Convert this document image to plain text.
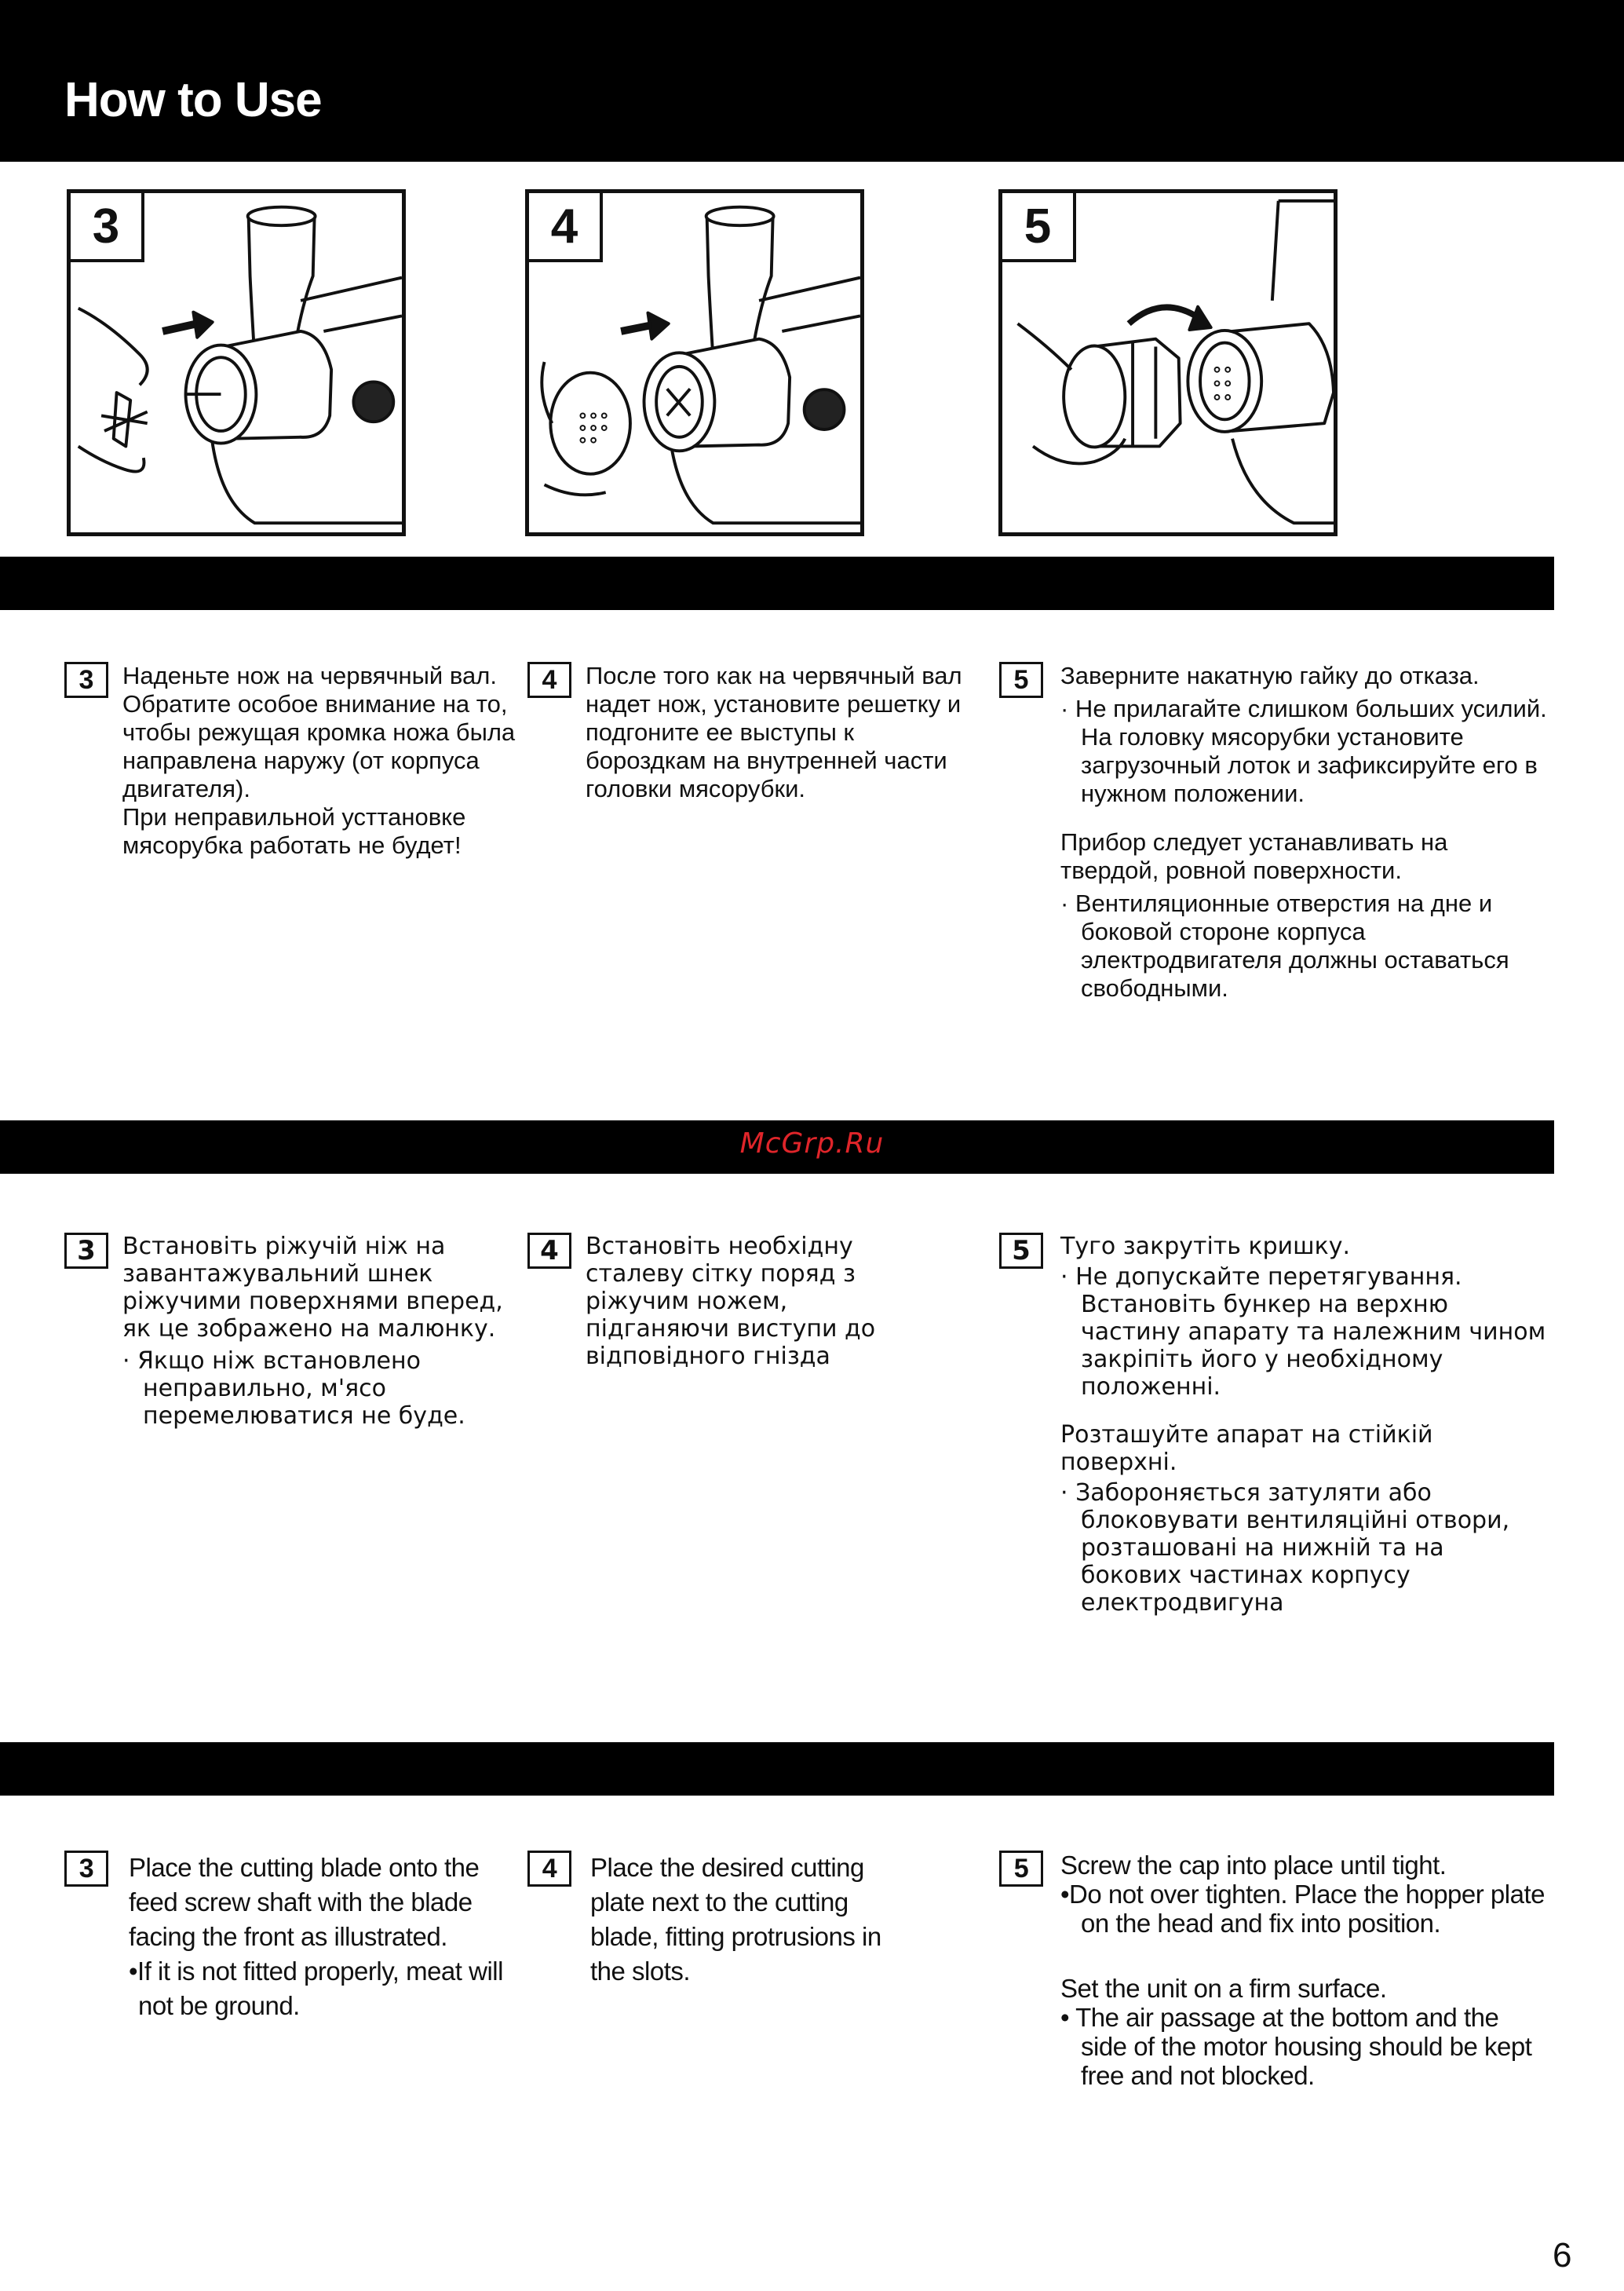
How to Use
3	4	5
McGrp.Ru
3	Наденьте нож на червячный вал. Обратите особое внимание на то, чтобы режущая кромка ножа была направлена наружу (от корпуса двигателя).

При неправильной усттановке мясорубка работать не будет!

4	После того как на червячный вал надет нож, установите решетку и подгоните ее выступы к бороздкам на внутренней части головки мясорубки.

5	Заверните накатную гайку до отказа.

· Не прилагайте слишком больших усилий. На головку мясорубки установите загрузочный лоток и зафиксируйте его в нужном положении.

Прибор следует устанавливать на твердой, ровной поверхности.

· Вентиляционные отверстия на дне и боковой стороне корпуса электродвигателя должны оставаться свободными.

3	Встановіть ріжучій ніж на завантажувальний шнек ріжучими поверхнями вперед, як це зображено на малюнку.

· Якщо ніж встановлено неправильно, м'ясо перемелюватися не буде.

4	Встановіть необхідну сталеву сітку поряд з ріжучим ножем, підганяючи виступи до відповідного гнізда

5	Туго закрутіть кришку.

· Не допускайте перетягування. Встановіть бункер на верхню частину апарату та належним чином закріпіть його у необхідному положенні.

Розташуйте апарат на стійкій поверхні.

· Забороняється затуляти або блоковувати вентиляційні отвори, розташовані на нижній та на бокових частинах корпусу електродвигуна

3	Place the cutting blade onto the feed screw shaft with the blade facing the front as illustrated.

•If it is not fitted properly, meat will not be ground.

4	Place the desired cutting plate next to the cutting blade, fitting protrusions in the slots.

5	Screw the cap into place until tight.

•Do not over tighten. Place the hopper plate on the head and fix into position.

Set the unit on a firm surface.

• The air passage at the bottom and the side of the motor housing should be kept free and not blocked.

6
